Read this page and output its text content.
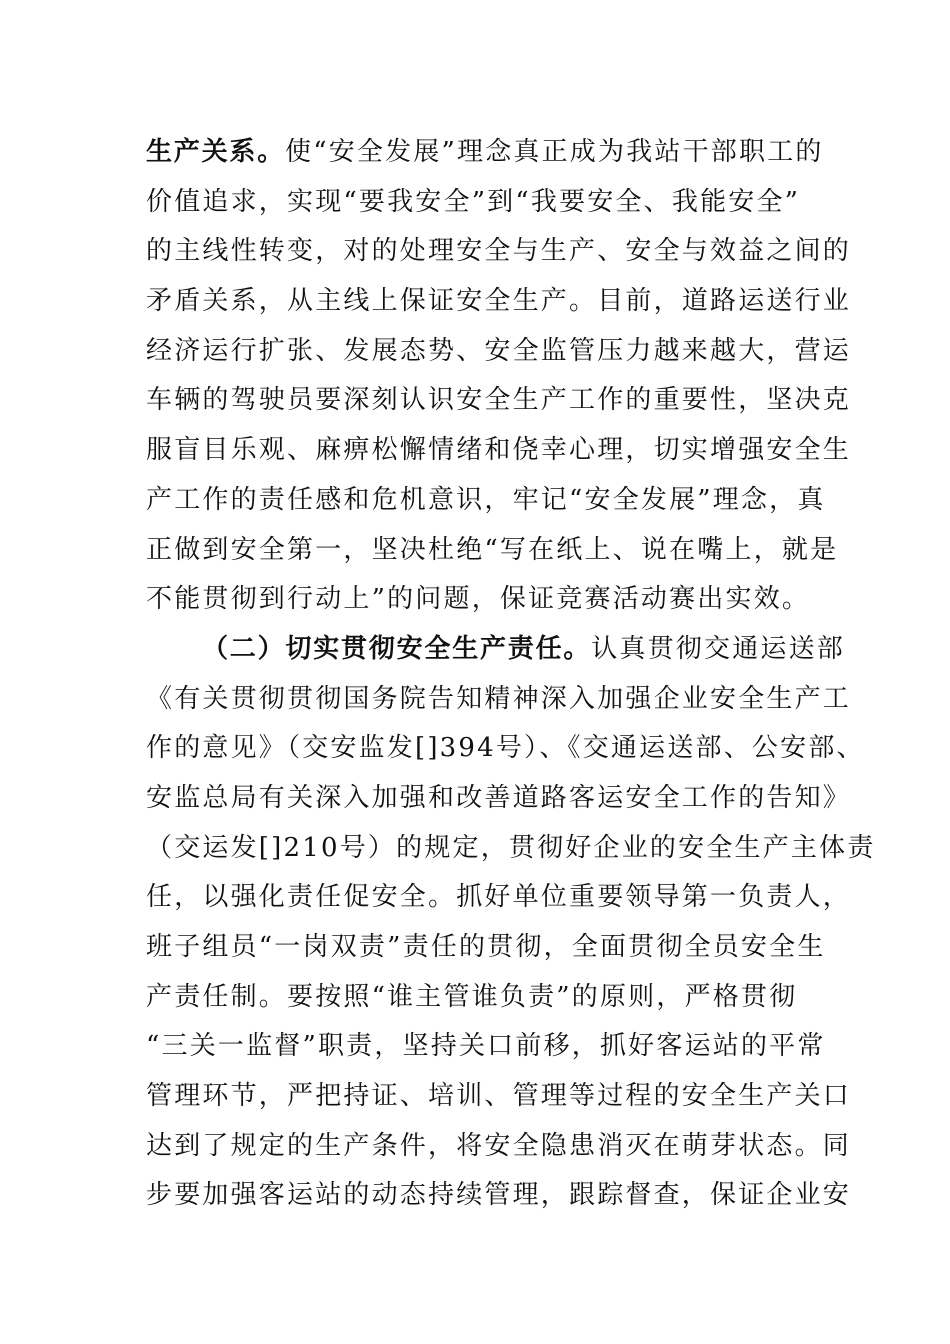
生产关系。使“安全发展”理念真正成为我站干部职工的
价值追求，实现“要我安全”到“我要安全、我能安全”
的主线性转变，对的处理安全与生产、安全与效益之间的
矛盾关系，从主线上保证安全生产。目前，道路运送行业
经济运行扩张、发展态势、安全监管压力越来越大，营运
车辆的驾驶员要深刻认识安全生产工作的重要性，坚决克
服盲目乐观、麻痹松懈情绪和侥幸心理，切实增强安全生
产工作的责任感和危机意识，牢记“安全发展”理念，真
正做到安全第一，坚决杜绝“写在纸上、说在嘴上，就是
不能贯彻到行动上”的问题，保证竞赛活动赛出实效。
（二）切实贯彻安全生产责任。认真贯彻交通运送部
《有关贯彻贯彻国务院告知精神深入加强企业安全生产工
作的意见》（交安监发[]394号）、《交通运送部、公安部、
安监总局有关深入加强和改善道路客运安全工作的告知》
（交运发[]210号）的规定，贯彻好企业的安全生产主体责
任，以强化责任促安全。抓好单位重要领导第一负责人，
班子组员“一岗双责”责任的贯彻，全面贯彻全员安全生
产责任制。要按照“谁主管谁负责”的原则，严格贯彻
“三关一监督”职责，坚持关口前移，抓好客运站的平常
管理环节，严把持证、培训、管理等过程的安全生产关口
达到了规定的生产条件，将安全隐患消灭在萌芽状态。同
步要加强客运站的动态持续管理，跟踪督查，保证企业安
